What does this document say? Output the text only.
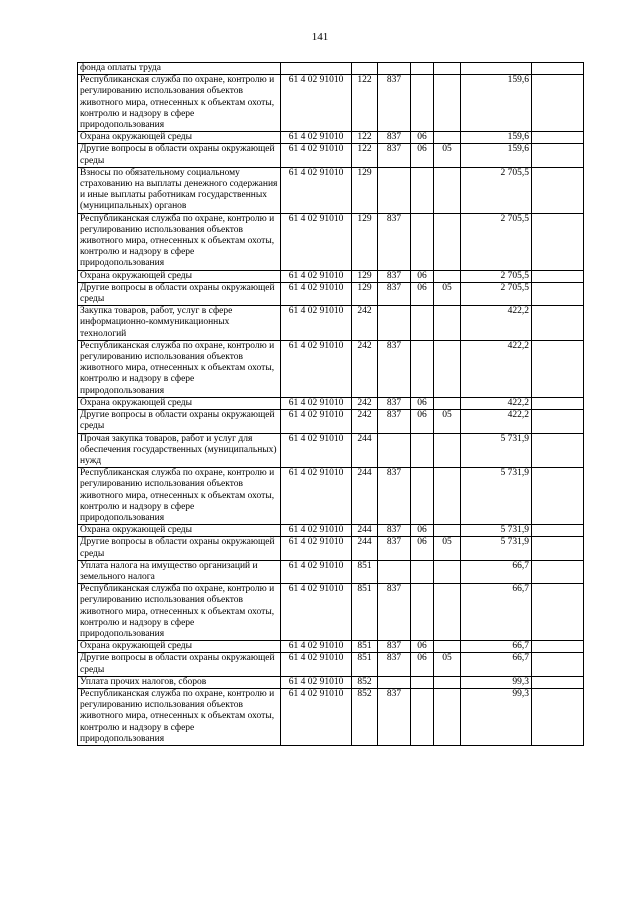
141
фонда оплаты труда							
Республиканская служба по охране, контролю и регулированию использования объектов животного мира, отнесенных к объектам охоты, контролю и надзору в сфере природопользования	61 4 02 91010	122	837			159,6	
Охрана окружающей среды	61 4 02 91010	122	837	06		159,6	
Другие вопросы в области охраны окружающей среды	61 4 02 91010	122	837	06	05	159,6	
Взносы по обязательному социальному страхованию на выплаты денежного содержания и иные выплаты работникам государственных (муниципальных) органов	61 4 02 91010	129				2 705,5	
Республиканская служба по охране, контролю и регулированию использования объектов животного мира, отнесенных к объектам охоты, контролю и надзору в сфере природопользования	61 4 02 91010	129	837			2 705,5	
Охрана окружающей среды	61 4 02 91010	129	837	06		2 705,5	
Другие вопросы в области охраны окружающей среды	61 4 02 91010	129	837	06	05	2 705,5	
Закупка товаров, работ, услуг в сфере информационно-коммуникационных технологий	61 4 02 91010	242				422,2	
Республиканская служба по охране, контролю и регулированию использования объектов животного мира, отнесенных к объектам охоты, контролю и надзору в сфере природопользования	61 4 02 91010	242	837			422,2	
Охрана окружающей среды	61 4 02 91010	242	837	06		422,2	
Другие вопросы в области охраны окружающей среды	61 4 02 91010	242	837	06	05	422,2	
Прочая закупка товаров, работ и услуг для обеспечения государственных (муниципальных) нужд	61 4 02 91010	244				5 731,9	
Республиканская служба по охране, контролю и регулированию использования объектов животного мира, отнесенных к объектам охоты, контролю и надзору в сфере природопользования	61 4 02 91010	244	837			5 731,9	
Охрана окружающей среды	61 4 02 91010	244	837	06		5 731,9	
Другие вопросы в области охраны окружающей среды	61 4 02 91010	244	837	06	05	5 731,9	
Уплата налога на имущество организаций и земельного налога	61 4 02 91010	851				66,7	
Республиканская служба по охране, контролю и регулированию использования объектов животного мира, отнесенных к объектам охоты, контролю и надзору в сфере природопользования	61 4 02 91010	851	837			66,7	
Охрана окружающей среды	61 4 02 91010	851	837	06		66,7	
Другие вопросы в области охраны окружающей среды	61 4 02 91010	851	837	06	05	66,7	
Уплата прочих налогов, сборов	61 4 02 91010	852				99,3	
Республиканская служба по охране, контролю и регулированию использования объектов животного мира, отнесенных к объектам охоты, контролю и надзору в сфере природопользования	61 4 02 91010	852	837			99,3	
